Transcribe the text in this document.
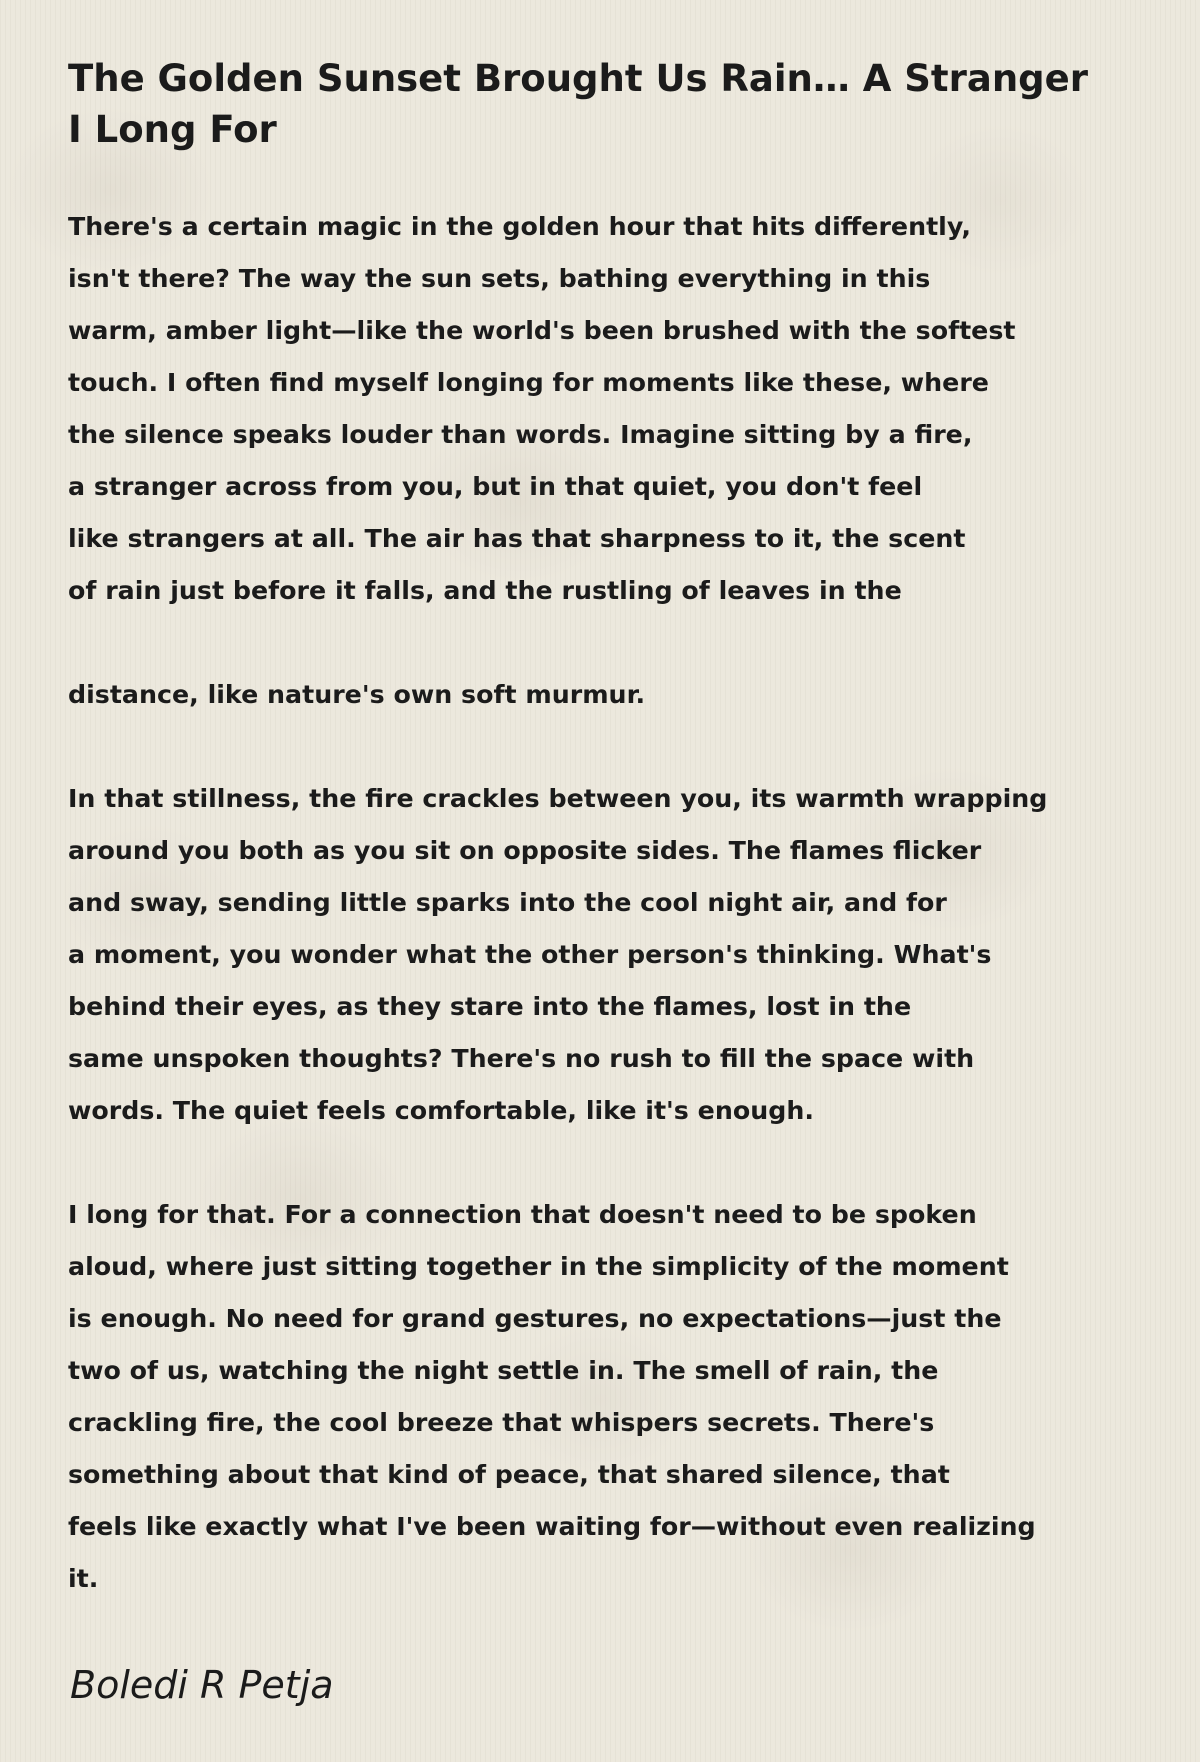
The Golden Sunset Brought Us Rain… A Stranger
I Long For
There's a certain magic in the golden hour that hits differently,
isn't there? The way the sun sets, bathing everything in this
warm, amber light—like the world's been brushed with the softest
touch. I often find myself longing for moments like these, where
the silence speaks louder than words. Imagine sitting by a fire,
a stranger across from you, but in that quiet, you don't feel
like strangers at all. The air has that sharpness to it, the scent
of rain just before it falls, and the rustling of leaves in the
distance, like nature's own soft murmur.
In that stillness, the fire crackles between you, its warmth wrapping
around you both as you sit on opposite sides. The flames flicker
and sway, sending little sparks into the cool night air, and for
a moment, you wonder what the other person's thinking. What's
behind their eyes, as they stare into the flames, lost in the
same unspoken thoughts? There's no rush to fill the space with
words. The quiet feels comfortable, like it's enough.
I long for that. For a connection that doesn't need to be spoken
aloud, where just sitting together in the simplicity of the moment
is enough. No need for grand gestures, no expectations—just the
two of us, watching the night settle in. The smell of rain, the
crackling fire, the cool breeze that whispers secrets. There's
something about that kind of peace, that shared silence, that
feels like exactly what I've been waiting for—without even realizing
it.

Boledi R Petja
